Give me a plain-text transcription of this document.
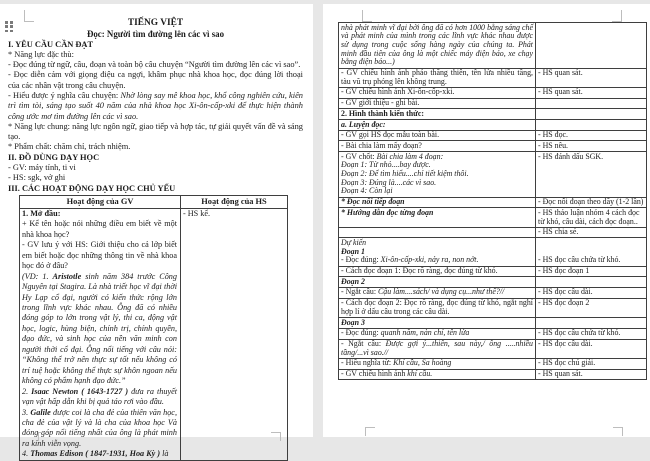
TIẾNG VIỆT
Đọc: Người tìm đường lên các vì sao
I. YÊU CẦU CẦN ĐẠT
* Năng lực đặc thù:
- Đọc đúng từ ngữ, câu, đoạn và toàn bộ câu chuyện “Người tìm đường lên các vì sao”.
- Đọc diễn cảm với giọng điệu ca ngợi, khâm phục nhà khoa học, đọc đúng lời thoại của các nhân vật trong câu chuyện.
- Hiểu được ý nghĩa câu chuyện: Nhờ lòng say mê khoa học, khổ công nghiên cứu, kiên trì tìm tòi, sáng tạo suốt 40 năm của nhà khoa học Xi-ôn-cốp-xki để thực hiện thành công ước mơ tìm đường lên các vì sao.
* Năng lực chung: năng lực ngôn ngữ, giao tiếp và hợp tác, tự giải quyết vấn đề và sáng tạo.
* Phẩm chất: chăm chỉ, trách nhiệm.
II. ĐỒ DÙNG DẠY HỌC
- GV: máy tính, ti vi
- HS: sgk, vở ghi
III. CÁC HOẠT ĐỘNG DẠY HỌC CHỦ YẾU
Hoạt động của GV	Hoạt động của HS

1. Mở đầu:
+ Kể tên hoặc nói những điều em biết về một nhà khoa học?
- GV lưu ý với HS: Giới thiệu cho cả lớp biết em biết hoặc đọc những thông tin về nhà khoa học đó ở đâu?
(VD: 1. Aristotle sinh năm 384 trước Công Nguyên tại Stagira. Là nhà triết học vĩ đại thời Hy Lạp cổ đại, người có kiến thức rộng lớn trong lĩnh vực khác nhau. Ông đã có nhiều đóng góp to lớn trong vật lý, thi ca, động vật học, logic, hùng biện, chính trị, chính quyền, đạo đức, và sinh học của nền văn minh con người thời cổ đại. Ông nổi tiếng với câu nói: “Không thể trở nên thực sự tốt nếu không có trí tuệ hoặc không thể thực sự khôn ngoan nếu không có phẩm hạnh đạo đức.”
2. Isaac Newton ( 1643-1727 ) đưa ra thuyết vạn vật hấp dẫn khi bị quả táo rơi vào đầu.
3. Galile được coi là cha đẻ của thiên văn học, cha đẻ của vật lý và là cha của khoa học Và đóng góp nổi tiếng nhất của ông là phát minh ra kính viễn vọng.
4. Thomas Edison ( 1847-1931, Hoa Kỳ ) là

- HS kể.
nhà phát minh vĩ đại bởi ông đã có hơn 1000 bằng sáng chế và phát minh của mình trong các lĩnh vực khác nhau được sử dụng trong cuộc sống hàng ngày của chúng ta. Phát minh đầu tiên của ông là một chiếc máy điện báo, xe chạy bằng điện báo...)	

- GV chiếu hình ảnh pháo thăng thiên, tên lửa nhiều tầng, tàu vũ trụ phóng lên không trung.	- HS quan sát.

- GV chiếu hình ảnh Xi-ôn-cốp-xki.	- HS quan sát.

- GV giới thiệu - ghi bài.	

2. Hình thành kiến thức:	

a. Luyện đọc:	

- GV gọi HS đọc mẫu toàn bài.	- HS đọc.

- Bài chia làm mấy đoạn?	- HS nêu.

- GV chốt: Bài chia làm 4 đoạn:
Đoạn 1: Từ nhỏ....bay được.
Đoạn 2: Để tìm hiểu....chỉ tiết kiệm thôi.
Đoạn 3: Đúng là....các vì sao.
Đoạn 4: Còn lại	- HS đánh dấu SGK.

* Đọc nối tiếp đoạn	- Đọc nối đoạn theo dãy (1-2 lần)

* Hướng dẫn đọc từng đoạn	- HS thảo luận nhóm 4 cách đọc từ khó, câu dài, cách đọc đoạn..

	- HS chia sẻ.

Dự kiến
Đoạn 1
- Đọc đúng: Xi-ôn-cốp-xki, nảy ra, non nớt.	- HS đọc câu chứa từ khó.

- Cách đọc đoạn 1: Đọc rõ ràng, đọc đúng từ khó.	- HS đọc đoạn 1

Đoạn 2	

- Ngắt câu: Cậu làm....sách/ và dụng cụ...như thế?//	- HS đọc câu dài.

- Cách đọc đoạn 2: Đọc rõ ràng, đọc đúng từ khó, ngắt nghỉ hợp lí ở dấu câu trong các câu dài.	- HS đọc đoạn 2

Đoạn 3	

- Đọc đúng: quanh năm, nản chí, tên lửa	- HS đọc câu chứa từ khó.

- Ngắt câu: Được gợi ý...thiên, sau này,/ ông .....nhiều tầng/...vì sao.//	- HS đọc câu dài.

- Hiểu nghĩa từ: Khí cầu, Sa hoàng	- HS đọc chú giải.

- GV chiếu hình ảnh khí cầu.	- HS quan sát.
